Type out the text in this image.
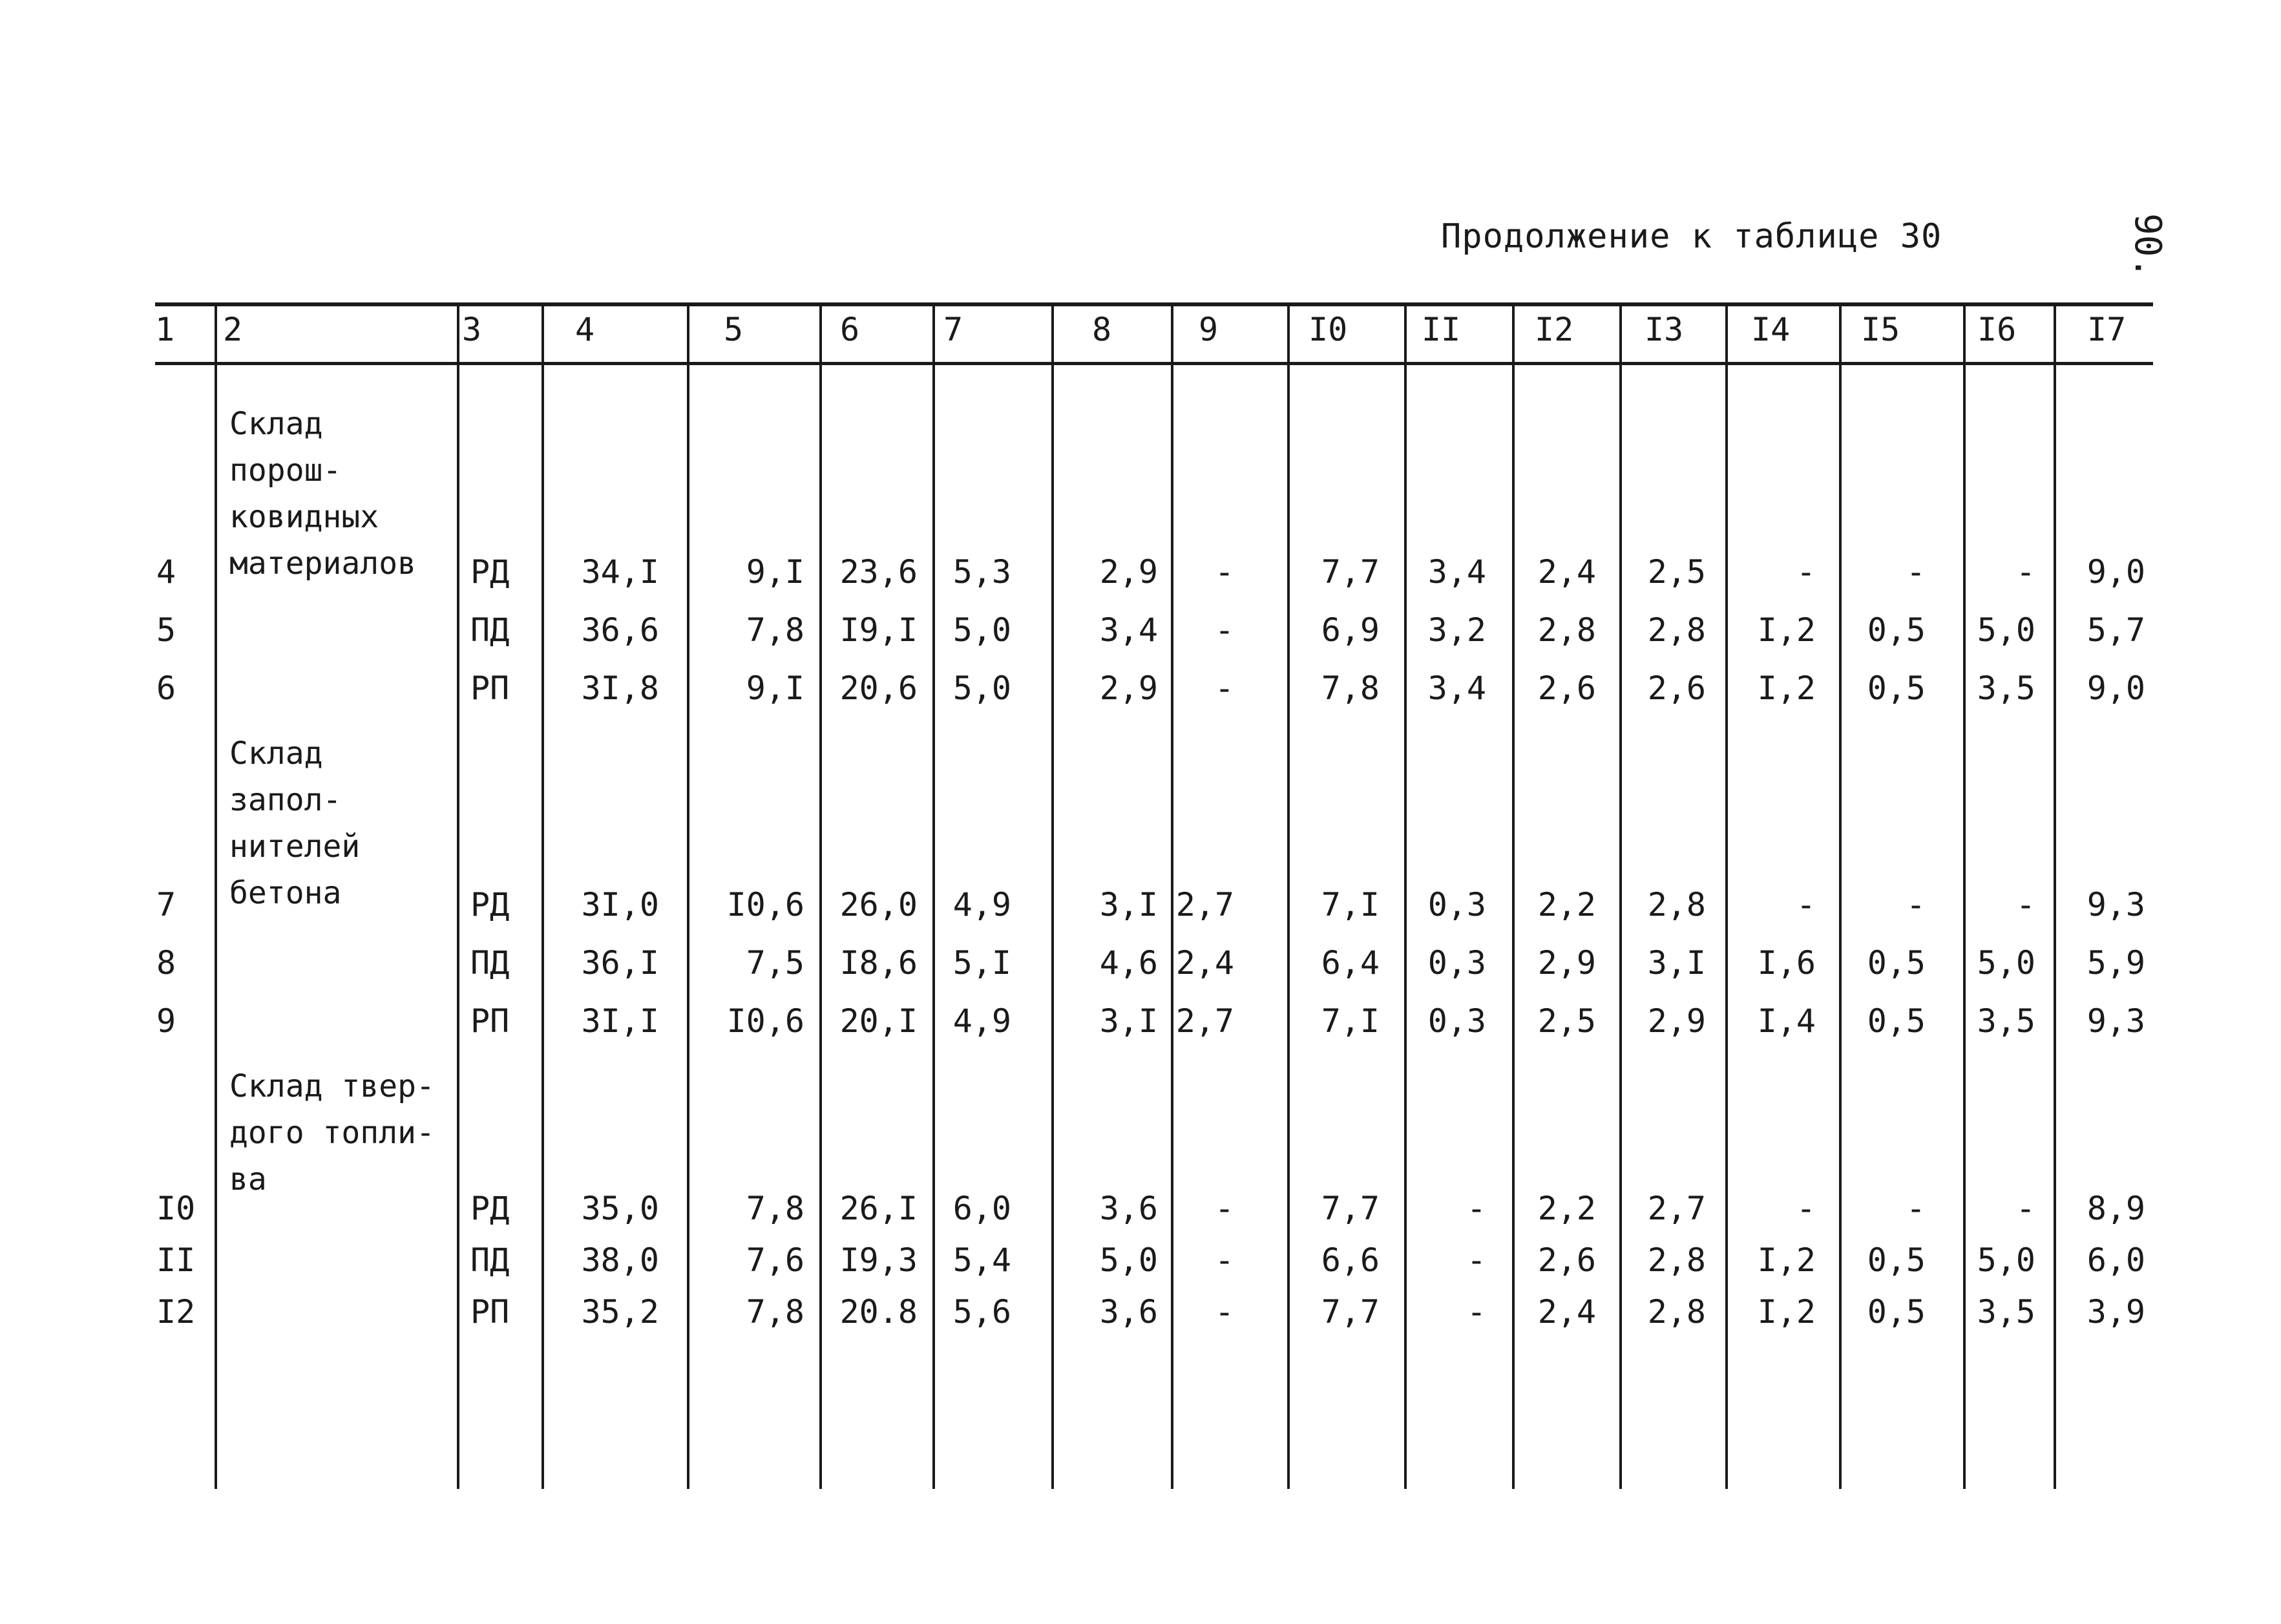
Продолжение к таблице 30	90.
1 2	3	4	5	6	7	8	9	I0 II I2 I3 I4 I5 I6 I7
Склад порош-
ковидных
материалов
4	РД 34,I	9,I 23,6 5,3	2,9 -	7,7 3,4 2,4 2,5	-	-	- 9,0
5	ПД 36,6	7,8 I9,I 5,0	3,4 -	6,9 3,2 2,8 2,8 I,2 0,5 5,0 5,7
6	РП 3I,8	9,I 20,6 5,0	2,9 -	7,8 3,4 2,6 2,6 I,2 0,5 3,5 9,0
Склад запол-
нителей
бетона
7	РД 3I,0 I0,6 26,0 4,9	3,I 2,7	7,I 0,3 2,2 2,8	-	-	- 9,3
8	ПД 36,I	7,5 I8,6 5,I	4,6 2,4	6,4 0,3 2,9 3,I I,6 0,5 5,0 5,9
9	РП 3I,I I0,6 20,I 4,9	3,I 2,7	7,I 0,3 2,5 2,9 I,4 0,5 3,5 9,3
Склад твер-
дого топли-
ва
I0	РД 35,0	7,8 26,I 6,0	3,6 -	7,7	- 2,2 2,7	-	-	- 8,9
II	ПД 38,0	7,6 I9,3 5,4	5,0 -	6,6	- 2,6 2,8 I,2 0,5 5,0 6,0
I2	РП 35,2	7,8 20.8 5,6	3,6 -	7,7	- 2,4 2,8 I,2 0,5 3,5 3,9
